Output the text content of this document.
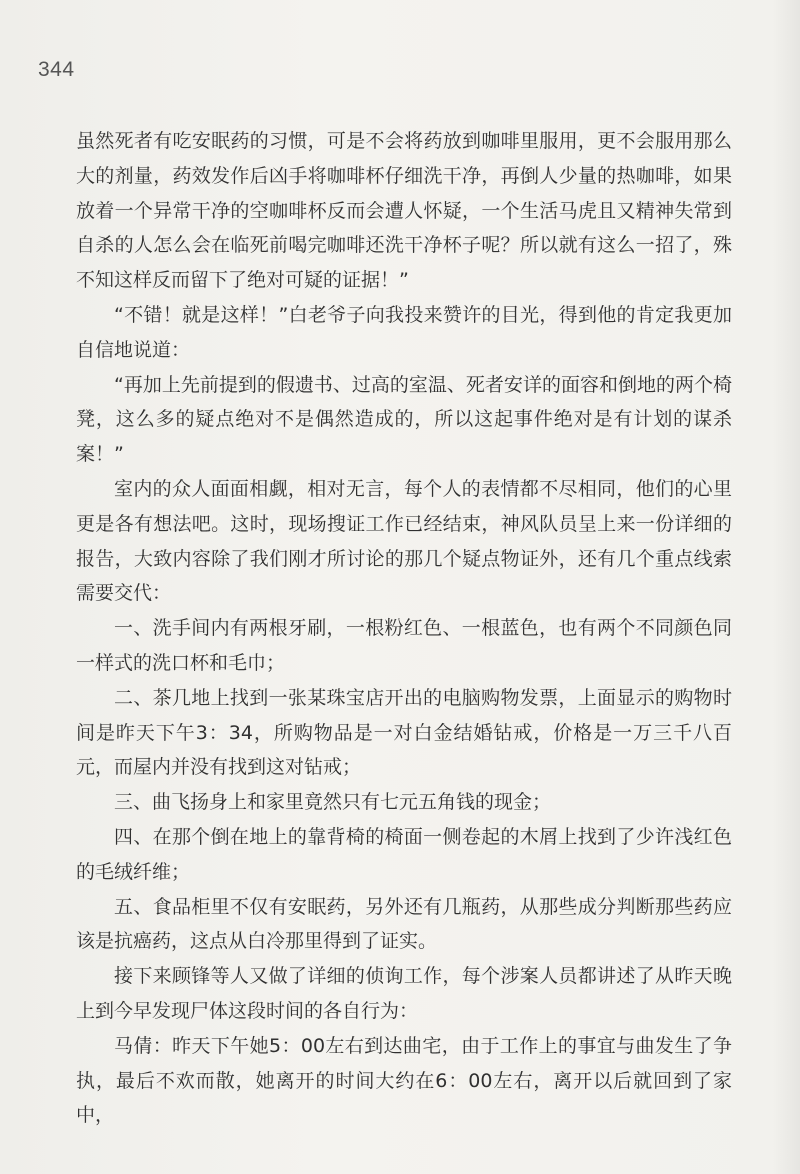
344

虽然死者有吃安眠药的习惯，可是不会将药放到咖啡里服用，更不会服用那么大的剂量，药效发作后凶手将咖啡杯仔细洗干净，再倒人少量的热咖啡，如果放着一个异常干净的空咖啡杯反而会遭人怀疑，一个生活马虎且又精神失常到自杀的人怎么会在临死前喝完咖啡还洗干净杯子呢？所以就有这么一招了，殊不知这样反而留下了绝对可疑的证据！”

“不错！就是这样！”白老爷子向我投来赞许的目光，得到他的肯定我更加自信地说道：

“再加上先前提到的假遗书、过高的室温、死者安详的面容和倒地的两个椅凳，这么多的疑点绝对不是偶然造成的，所以这起事件绝对是有计划的谋杀案！”

室内的众人面面相觑，相对无言，每个人的表情都不尽相同，他们的心里更是各有想法吧。这时，现场搜证工作已经结束，神风队员呈上来一份详细的报告，大致内容除了我们刚才所讨论的那几个疑点物证外，还有几个重点线索需要交代：

一、洗手间内有两根牙刷，一根粉红色、一根蓝色，也有两个不同颜色同一样式的洗口杯和毛巾；

二、茶几地上找到一张某珠宝店开出的电脑购物发票，上面显示的购物时间是昨天下午3：34，所购物品是一对白金结婚钻戒，价格是一万三千八百元，而屋内并没有找到这对钻戒；

三、曲飞扬身上和家里竟然只有七元五角钱的现金；

四、在那个倒在地上的靠背椅的椅面一侧卷起的木屑上找到了少许浅红色的毛绒纤维；

五、食品柜里不仅有安眠药，另外还有几瓶药，从那些成分判断那些药应该是抗癌药，这点从白冷那里得到了证实。

接下来顾锋等人又做了详细的侦询工作，每个涉案人员都讲述了从昨天晚上到今早发现尸体这段时间的各自行为：

马倩：昨天下午她5：00左右到达曲宅，由于工作上的事宜与曲发生了争执，最后不欢而散，她离开的时间大约在6：00左右，离开以后就回到了家中，
